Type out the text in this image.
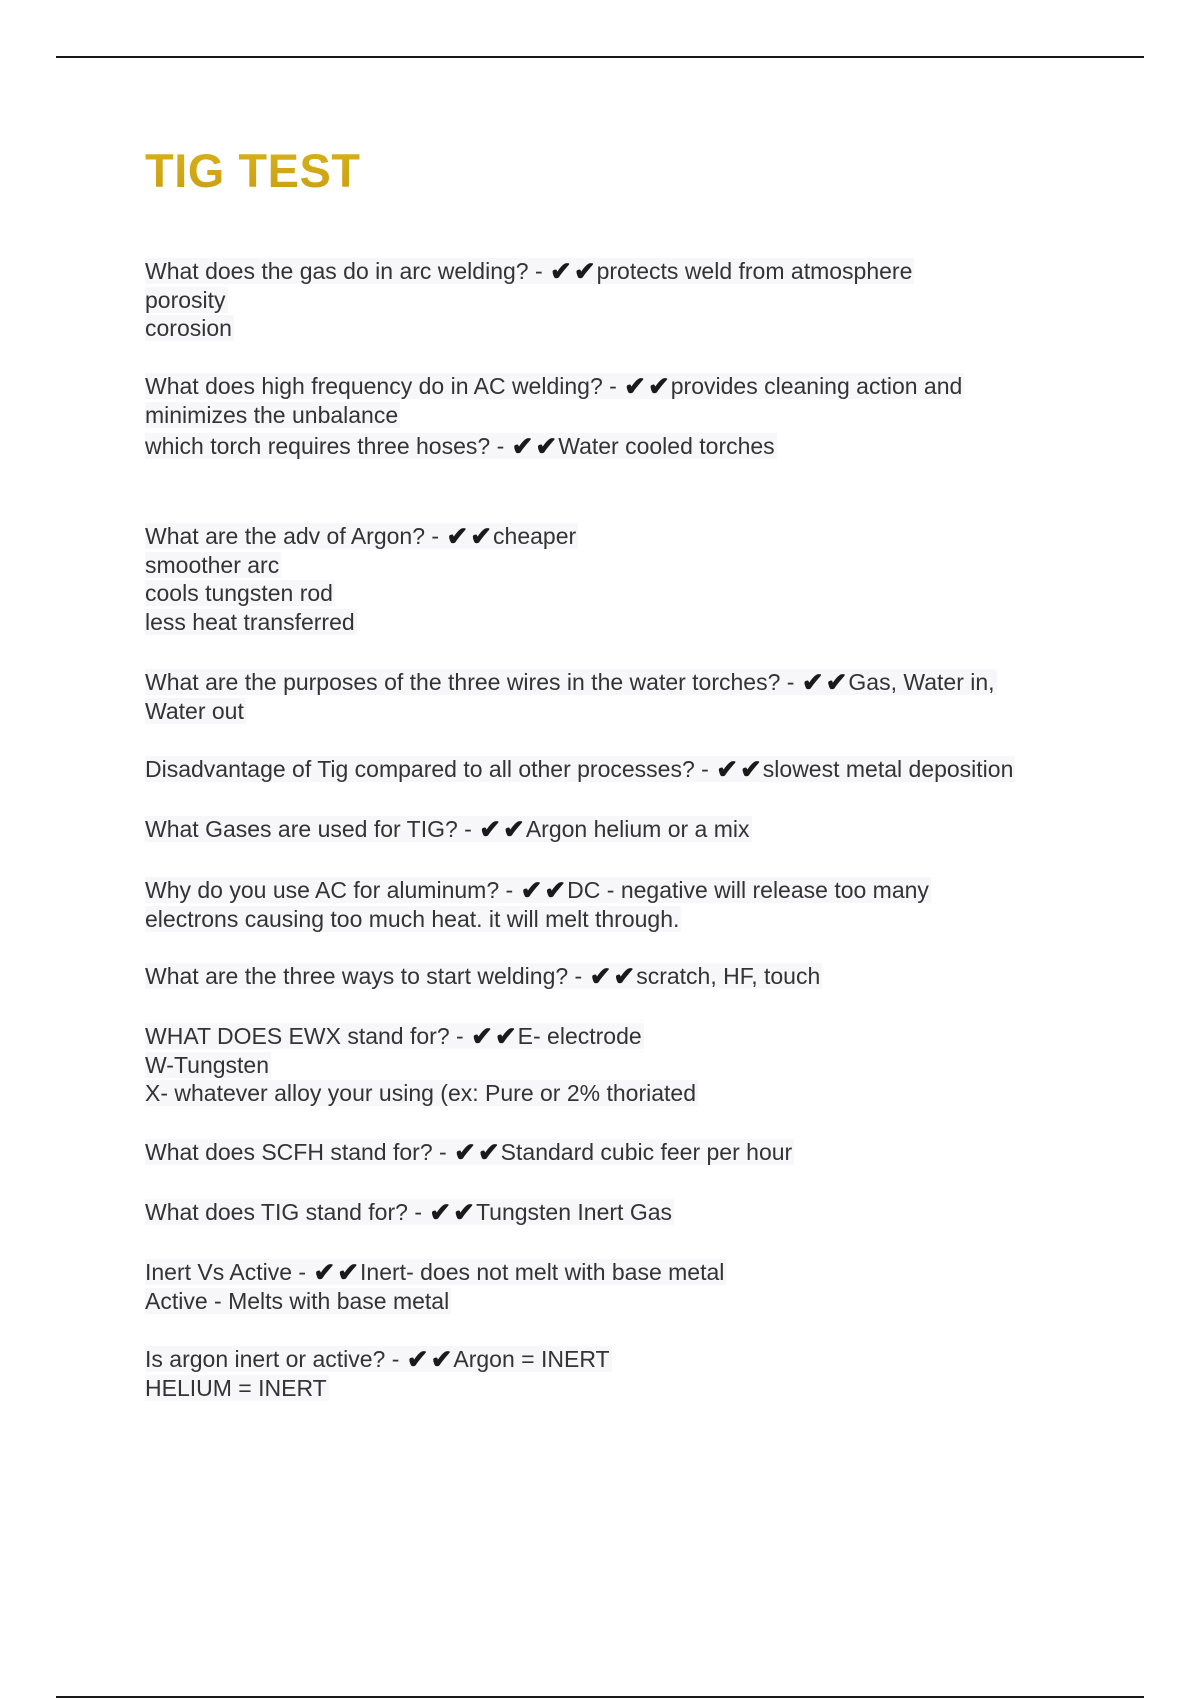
TIG TEST
What does the gas do in arc welding? - ✔✔protects weld from atmosphere
porosity
corosion
What does high frequency do in AC welding? - ✔✔provides cleaning action and
minimizes the unbalance
which torch requires three hoses? - ✔✔Water cooled torches
What are the adv of Argon? - ✔✔cheaper
smoother arc
cools tungsten rod
less heat transferred
What are the purposes of the three wires in the water torches? - ✔✔Gas, Water in,
Water out
Disadvantage of Tig compared to all other processes? - ✔✔slowest metal deposition
What Gases are used for TIG? - ✔✔Argon helium or a mix
Why do you use AC for aluminum? - ✔✔DC - negative will release too many
electrons causing too much heat. it will melt through.
What are the three ways to start welding? - ✔✔scratch, HF, touch
WHAT DOES EWX stand for? - ✔✔E- electrode
W-Tungsten
X- whatever alloy your using (ex: Pure or 2% thoriated
What does SCFH stand for? - ✔✔Standard cubic feer per hour
What does TIG stand for? - ✔✔Tungsten Inert Gas
Inert Vs Active - ✔✔Inert- does not melt with base metal
Active - Melts with base metal
Is argon inert or active? - ✔✔Argon = INERT
HELIUM = INERT
